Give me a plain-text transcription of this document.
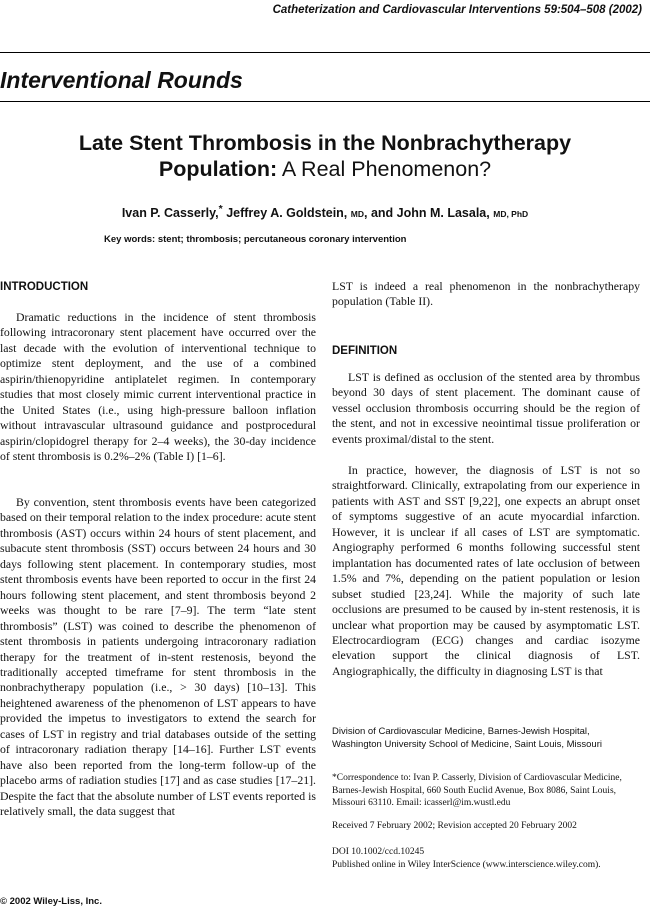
Catheterization and Cardiovascular Interventions 59:504–508 (2002)
Interventional Rounds
Late Stent Thrombosis in the Nonbrachytherapy Population: A Real Phenomenon?
Ivan P. Casserly,* Jeffrey A. Goldstein, MD, and John M. Lasala, MD, PhD
Key words: stent; thrombosis; percutaneous coronary intervention
INTRODUCTION
Dramatic reductions in the incidence of stent thrombosis following intracoronary stent placement have occurred over the last decade with the evolution of interventional technique to optimize stent deployment, and the use of a combined aspirin/thienopyridine antiplatelet regimen. In contemporary studies that most closely mimic current interventional practice in the United States (i.e., using high-pressure balloon inflation without intravascular ultrasound guidance and postprocedural aspirin/clopidogrel therapy for 2–4 weeks), the 30-day incidence of stent thrombosis is 0.2%–2% (Table I) [1–6].
By convention, stent thrombosis events have been categorized based on their temporal relation to the index procedure: acute stent thrombosis (AST) occurs within 24 hours of stent placement, and subacute stent thrombosis (SST) occurs between 24 hours and 30 days following stent placement. In contemporary studies, most stent thrombosis events have been reported to occur in the first 24 hours following stent placement, and stent thrombosis beyond 2 weeks was thought to be rare [7–9]. The term “late stent thrombosis” (LST) was coined to describe the phenomenon of stent thrombosis in patients undergoing intracoronary radiation therapy for the treatment of in-stent restenosis, beyond the traditionally accepted timeframe for stent thrombosis in the nonbrachytherapy population (i.e., > 30 days) [10–13]. This heightened awareness of the phenomenon of LST appears to have provided the impetus to investigators to extend the search for cases of LST in registry and trial databases outside of the setting of intracoronary radiation therapy [14–16]. Further LST events have also been reported from the long-term follow-up of the placebo arms of radiation studies [17] and as case studies [17–21]. Despite the fact that the absolute number of LST events reported is relatively small, the data suggest that
LST is indeed a real phenomenon in the nonbrachytherapy population (Table II).
DEFINITION
LST is defined as occlusion of the stented area by thrombus beyond 30 days of stent placement. The dominant cause of vessel occlusion thrombosis occurring should be the region of the stent, and not in excessive neointimal tissue proliferation or events proximal/distal to the stent.
In practice, however, the diagnosis of LST is not so straightforward. Clinically, extrapolating from our experience in patients with AST and SST [9,22], one expects an abrupt onset of symptoms suggestive of an acute myocardial infarction. However, it is unclear if all cases of LST are symptomatic. Angiography performed 6 months following successful stent implantation has documented rates of late occlusion of between 1.5% and 7%, depending on the patient population or lesion subset studied [23,24]. While the majority of such late occlusions are presumed to be caused by in-stent restenosis, it is unclear what proportion may be caused by asymptomatic LST. Electrocardiogram (ECG) changes and cardiac isozyme elevation support the clinical diagnosis of LST. Angiographically, the difficulty in diagnosing LST is that
Division of Cardiovascular Medicine, Barnes-Jewish Hospital, Washington University School of Medicine, Saint Louis, Missouri
*Correspondence to: Ivan P. Casserly, Division of Cardiovascular Medicine, Barnes-Jewish Hospital, 660 South Euclid Avenue, Box 8086, Saint Louis, Missouri 63110. Email: icasserl@im.wustl.edu
Received 7 February 2002; Revision accepted 20 February 2002
DOI 10.1002/ccd.10245
Published online in Wiley InterScience (www.interscience.wiley.com).
© 2002 Wiley-Liss, Inc.
